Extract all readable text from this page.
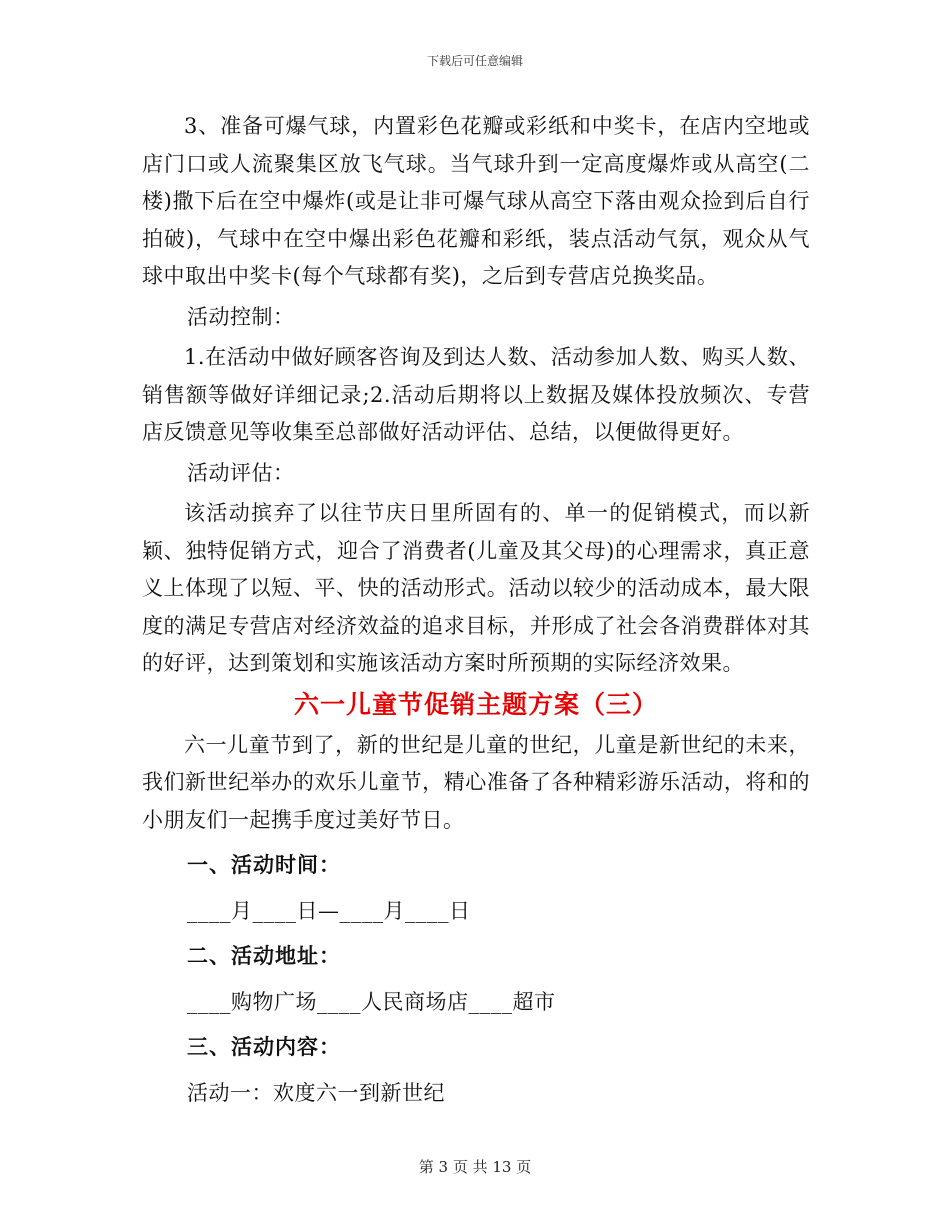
下载后可任意编辑

3、准备可爆气球，内置彩色花瓣或彩纸和中奖卡，在店内空地或店门口或人流聚集区放飞气球。当气球升到一定高度爆炸或从高空(二楼)撒下后在空中爆炸(或是让非可爆气球从高空下落由观众捡到后自行拍破)，气球中在空中爆出彩色花瓣和彩纸，装点活动气氛，观众从气球中取出中奖卡(每个气球都有奖)，之后到专营店兑换奖品。

活动控制：

1.在活动中做好顾客咨询及到达人数、活动参加人数、购买人数、销售额等做好详细记录;2.活动后期将以上数据及媒体投放频次、专营店反馈意见等收集至总部做好活动评估、总结，以便做得更好。

活动评估：

该活动摈弃了以往节庆日里所固有的、单一的促销模式，而以新颖、独特促销方式，迎合了消费者(儿童及其父母)的心理需求，真正意义上体现了以短、平、快的活动形式。活动以较少的活动成本，最大限度的满足专营店对经济效益的追求目标，并形成了社会各消费群体对其的好评，达到策划和实施该活动方案时所预期的实际经济效果。

六一儿童节促销主题方案（三）

六一儿童节到了，新的世纪是儿童的世纪，儿童是新世纪的未来，我们新世纪举办的欢乐儿童节，精心准备了各种精彩游乐活动，将和的小朋友们一起携手度过美好节日。

一、活动时间：

____月____日—____月____日

二、活动地址：

____购物广场____人民商场店____超市

三、活动内容：

活动一：欢度六一到新世纪

第 3 页 共 13 页
